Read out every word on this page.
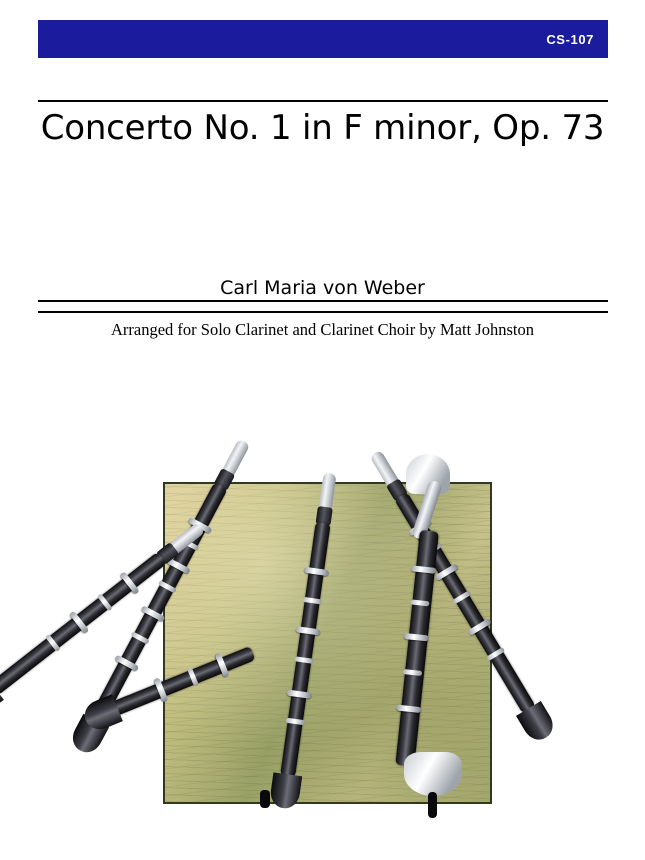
CS-107
Concerto No. 1 in F minor, Op. 73
Carl Maria von Weber
Arranged for Solo Clarinet and Clarinet Choir by Matt Johnston
